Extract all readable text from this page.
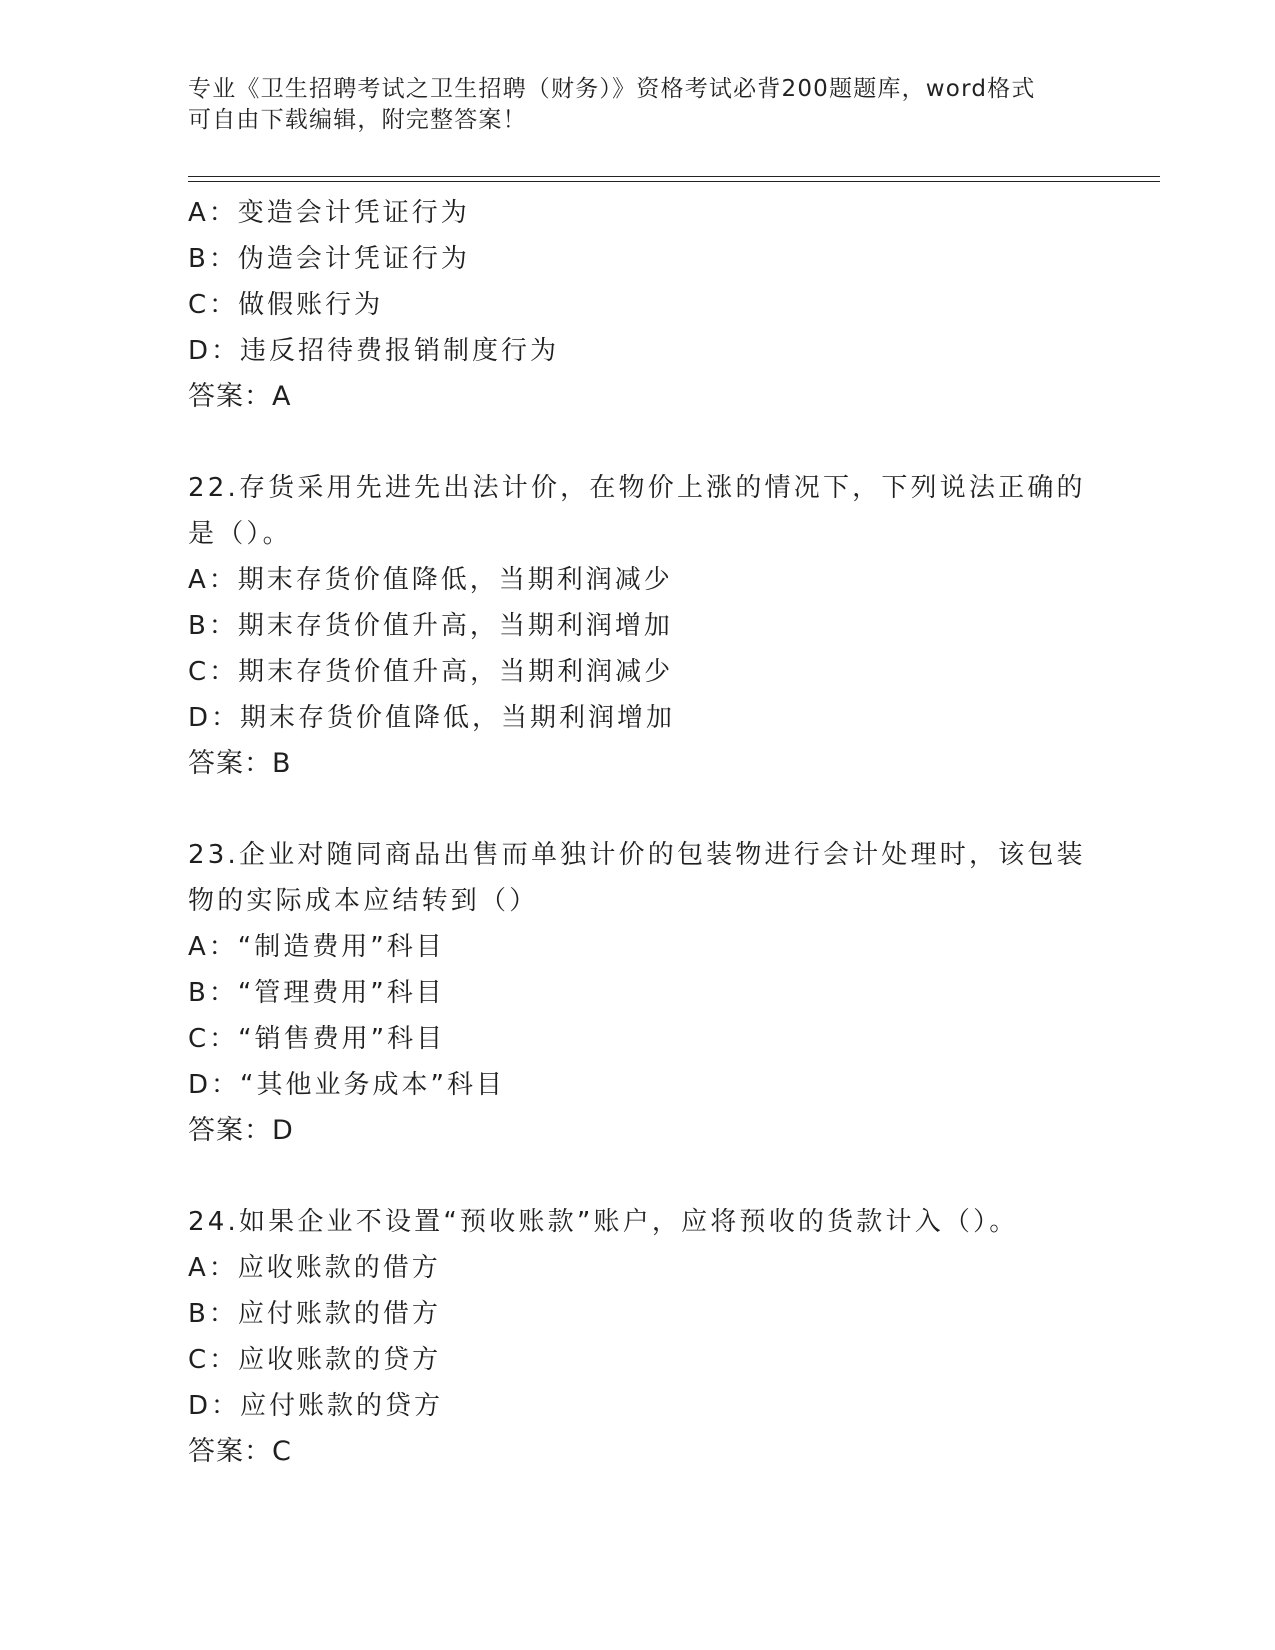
专业《卫生招聘考试之卫生招聘（财务）》资格考试必背200题题库，word格式
可自由下载编辑，附完整答案！
A：变造会计凭证行为
B：伪造会计凭证行为
C：做假账行为
D：违反招待费报销制度行为
答案：A
22.存货采用先进先出法计价，在物价上涨的情况下，下列说法正确的
是（）。
A：期末存货价值降低，当期利润减少
B：期末存货价值升高，当期利润增加
C：期末存货价值升高，当期利润减少
D：期末存货价值降低，当期利润增加
答案：B
23.企业对随同商品出售而单独计价的包装物进行会计处理时，该包装
物的实际成本应结转到（）
A：“制造费用”科目
B：“管理费用”科目
C：“销售费用”科目
D：“其他业务成本”科目
答案：D
24.如果企业不设置“预收账款”账户，应将预收的货款计入（）。
A：应收账款的借方
B：应付账款的借方
C：应收账款的贷方
D：应付账款的贷方
答案：C
